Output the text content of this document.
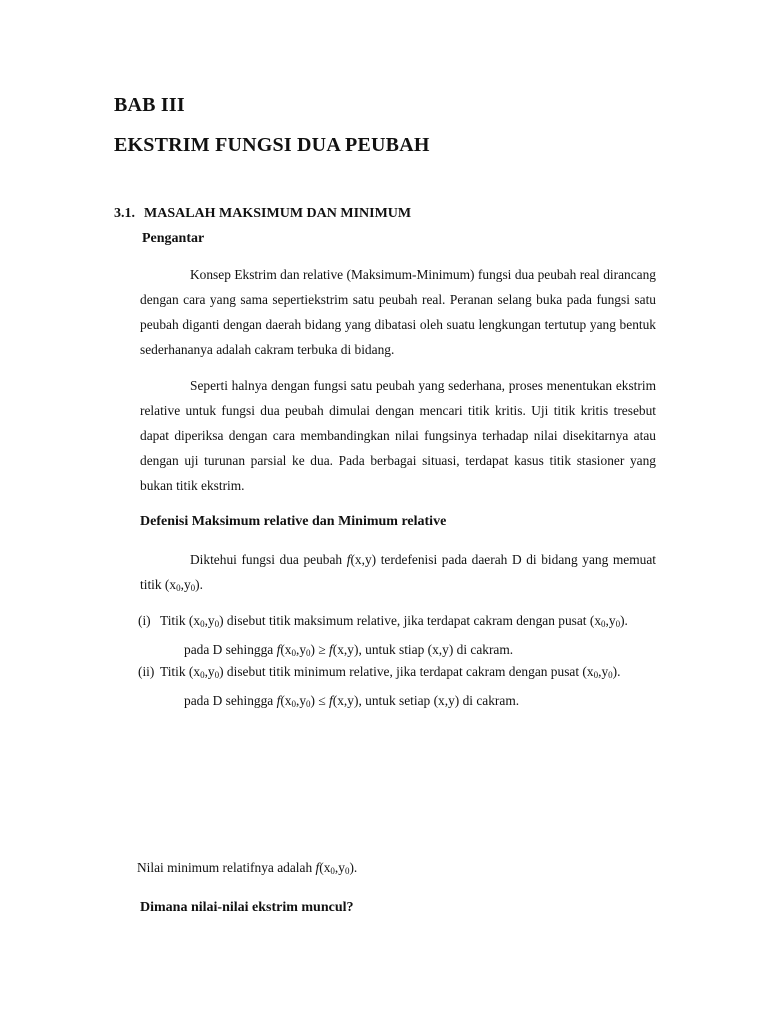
BAB III
EKSTRIM FUNGSI DUA PEUBAH
3.1. MASALAH MAKSIMUM DAN MINIMUM
Pengantar

Konsep Ekstrim dan relative (Maksimum-Minimum) fungsi dua peubah real dirancang dengan cara yang sama sepertiekstrim satu peubah real. Peranan selang buka pada fungsi satu peubah diganti dengan daerah bidang yang dibatasi oleh suatu lengkungan tertutup yang bentuk sederhananya adalah cakram terbuka di bidang.

Seperti halnya dengan fungsi satu peubah yang sederhana, proses menentukan ekstrim relative untuk fungsi dua peubah dimulai dengan mencari titik kritis. Uji titik kritis tresebut dapat diperiksa dengan cara membandingkan nilai fungsinya terhadap nilai disekitarnya atau dengan uji turunan parsial ke dua. Pada berbagai situasi, terdapat kasus titik stasioner yang bukan titik ekstrim.

Defenisi Maksimum relative dan Minimum relative

Diktehui fungsi dua peubah f(x,y) terdefenisi pada daerah D di bidang yang memuat titik $(x_0,y_0)$.

(i) Titik $(x_0,y_0)$ disebut titik maksimum relative, jika terdapat cakram dengan pusat $(x_0,y_0)$.
pada D sehingga $f(x_0,y_0) \ge f(x,y)$, untuk stiap (x,y) di cakram.
(ii) Titik $(x_0,y_0)$ disebut titik minimum relative, jika terdapat cakram dengan pusat $(x_0,y_0)$.
pada D sehingga $f(x_0,y_0) \le f(x,y)$, untuk setiap (x,y) di cakram.
Nilai minimum relatifnya adalah $f(x_0,y_0)$.
Dimana nilai-nilai ekstrim muncul?
